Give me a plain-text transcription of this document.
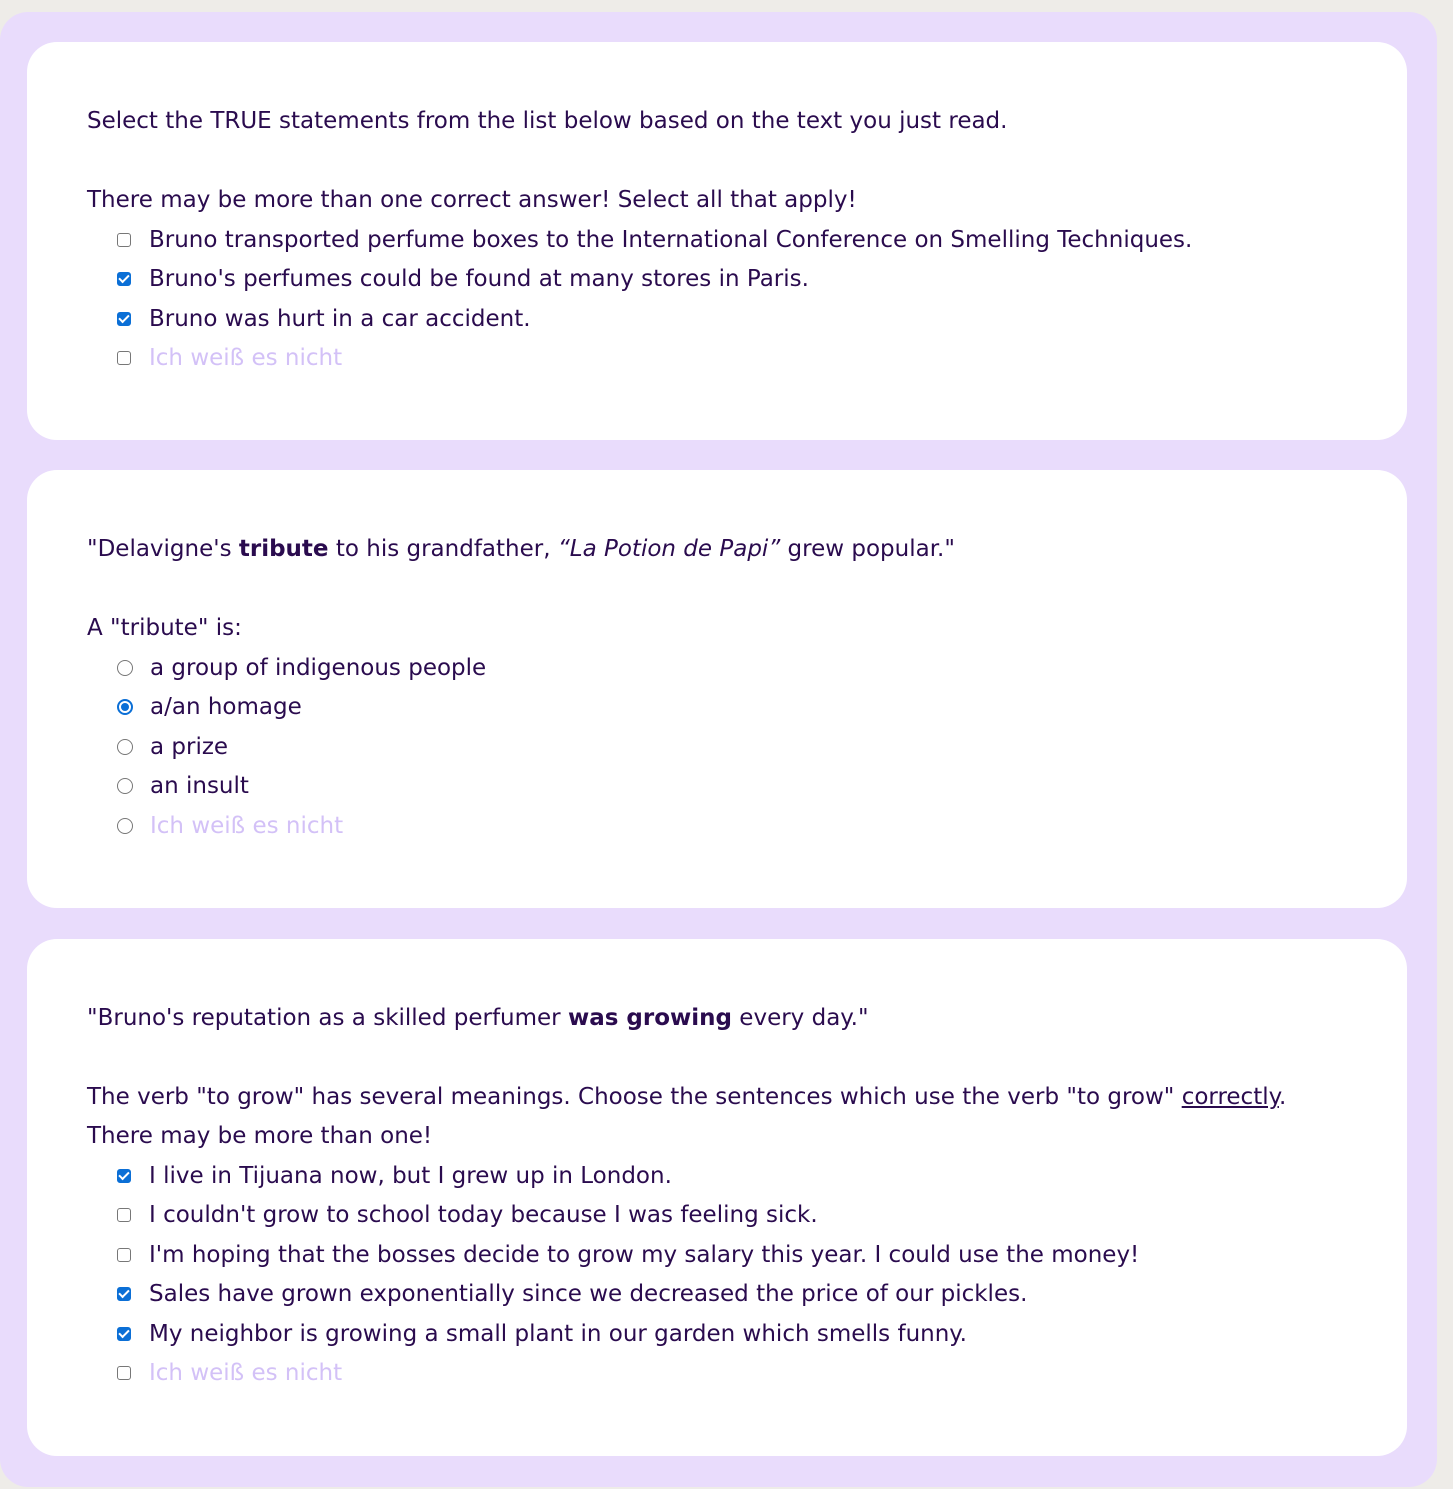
Select the TRUE statements from the list below based on the text you just read.

There may be more than one correct answer! Select all that apply!

Bruno transported perfume boxes to the International Conference on Smelling Techniques.
Bruno's perfumes could be found at many stores in Paris.
Bruno was hurt in a car accident.
Ich weiß es nicht

"Delavigne's tribute to his grandfather, “La Potion de Papi” grew popular."

A "tribute" is:

a group of indigenous people
a/an homage
a prize
an insult
Ich weiß es nicht

"Bruno's reputation as a skilled perfumer was growing every day."

The verb "to grow" has several meanings. Choose the sentences which use the verb "to grow" correctly. There may be more than one!

I live in Tijuana now, but I grew up in London.
I couldn't grow to school today because I was feeling sick.
I'm hoping that the bosses decide to grow my salary this year. I could use the money!
Sales have grown exponentially since we decreased the price of our pickles.
My neighbor is growing a small plant in our garden which smells funny.
Ich weiß es nicht
